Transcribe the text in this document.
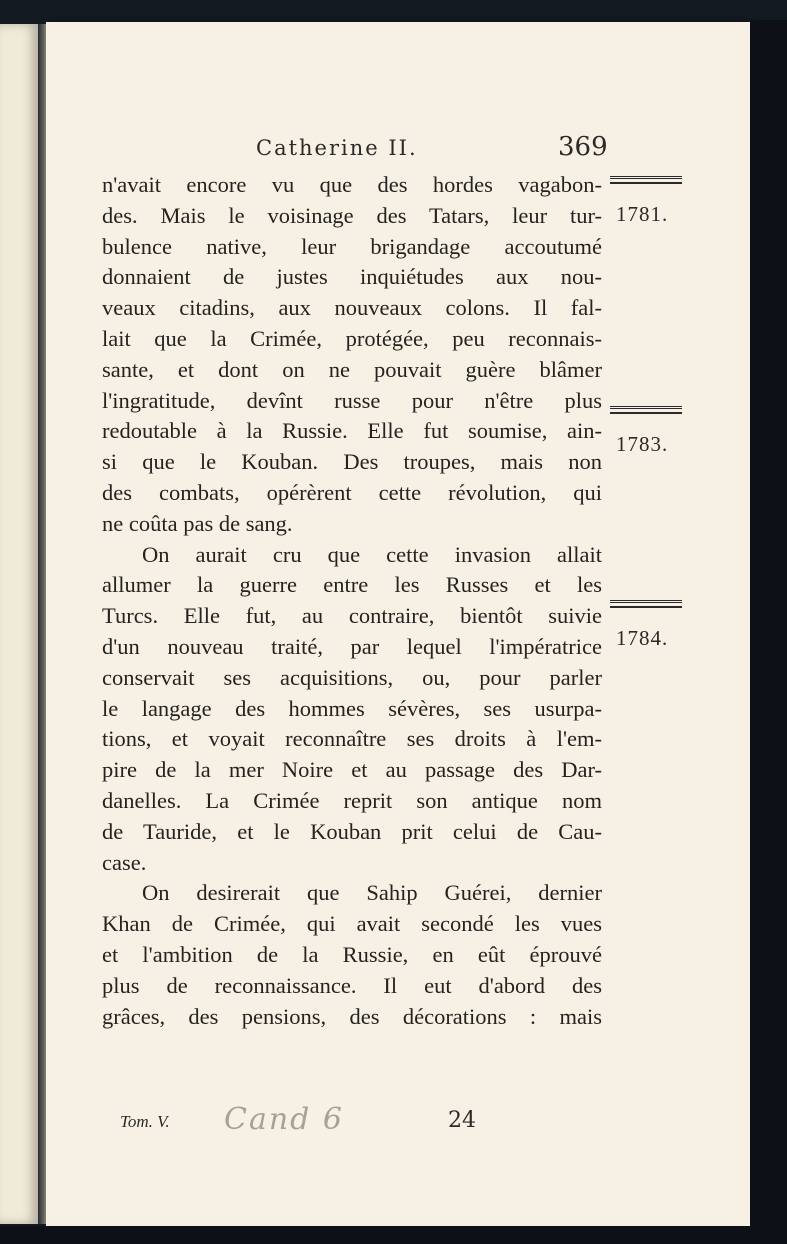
Catherine II.	369
n'avait encore vu que des hordes vagabon-
des. Mais le voisinage des Tatars, leur tur-
bulence native, leur brigandage accoutumé
donnaient de justes inquiétudes aux nou-
veaux citadins, aux nouveaux colons. Il fal-
lait que la Crimée, protégée, peu reconnais-
sante, et dont on ne pouvait guère blâmer
l'ingratitude, devînt russe pour n'être plus
redoutable à la Russie. Elle fut soumise, ain-
si que le Kouban. Des troupes, mais non
des combats, opérèrent cette révolution, qui
ne coûta pas de sang.
On aurait cru que cette invasion allait
allumer la guerre entre les Russes et les
Turcs. Elle fut, au contraire, bientôt suivie
d'un nouveau traité, par lequel l'impératrice
conservait ses acquisitions, ou, pour parler
le langage des hommes sévères, ses usurpa-
tions, et voyait reconnaître ses droits à l'em-
pire de la mer Noire et au passage des Dar-
danelles. La Crimée reprit son antique nom
de Tauride, et le Kouban prit celui de Cau-
case.
On desirerait que Sahip Guérei, dernier
Khan de Crimée, qui avait secondé les vues
et l'ambition de la Russie, en eût éprouvé
plus de reconnaissance. Il eut d'abord des
grâces, des pensions, des décorations : mais
1781.
1783.
1784.
Tom. V. Cand 6	24
